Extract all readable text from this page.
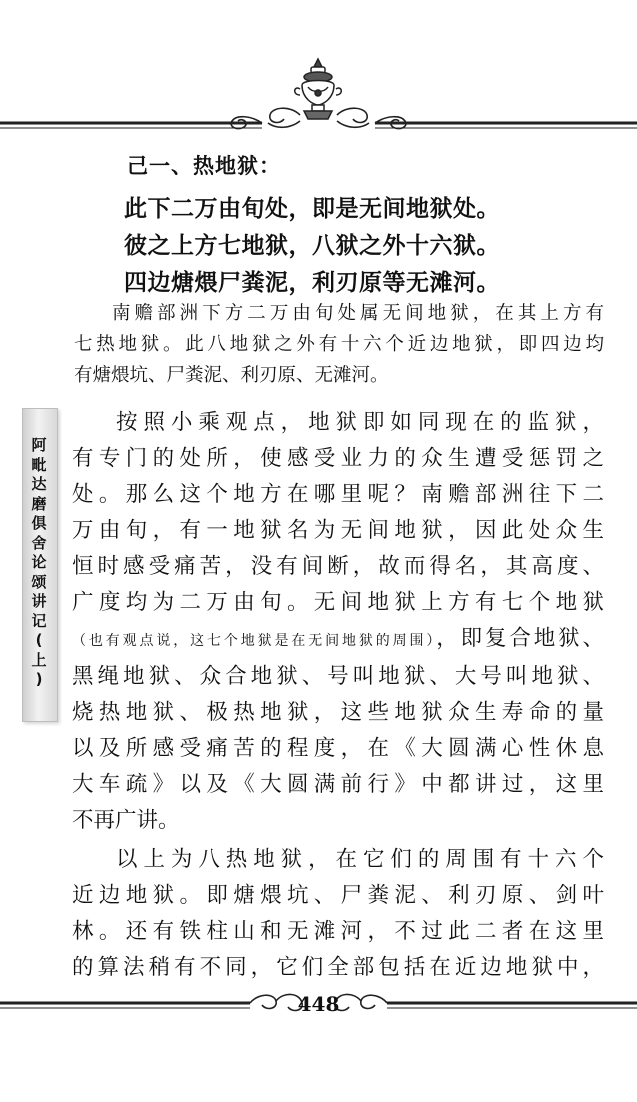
阿
毗
达
磨
俱
舍
论
颂
讲
记
(
上
)
己一、热地狱：
此下二万由旬处，即是无间地狱处。
彼之上方七地狱，八狱之外十六狱。
四边煻煨尸粪泥，利刃原等无滩河。
南赡部洲下方二万由旬处属无间地狱，在其上方有
七热地狱。此八地狱之外有十六个近边地狱，即四边均
有煻煨坑、尸粪泥、利刃原、无滩河。
按照小乘观点，地狱即如同现在的监狱，
有专门的处所，使感受业力的众生遭受惩罚之
处。那么这个地方在哪里呢？南赡部洲往下二
万由旬，有一地狱名为无间地狱，因此处众生
恒时感受痛苦，没有间断，故而得名，其高度、
广度均为二万由旬。无间地狱上方有七个地狱
（也有观点说，这七个地狱是在无间地狱的周围），即复合地狱、
黑绳地狱、众合地狱、号叫地狱、大号叫地狱、
烧热地狱、极热地狱，这些地狱众生寿命的量
以及所感受痛苦的程度，在《大圆满心性休息
大车疏》以及《大圆满前行》中都讲过，这里
不再广讲。
以上为八热地狱，在它们的周围有十六个
近边地狱。即煻煨坑、尸粪泥、利刃原、剑叶
林。还有铁柱山和无滩河，不过此二者在这里
的算法稍有不同，它们全部包括在近边地狱中，
448
